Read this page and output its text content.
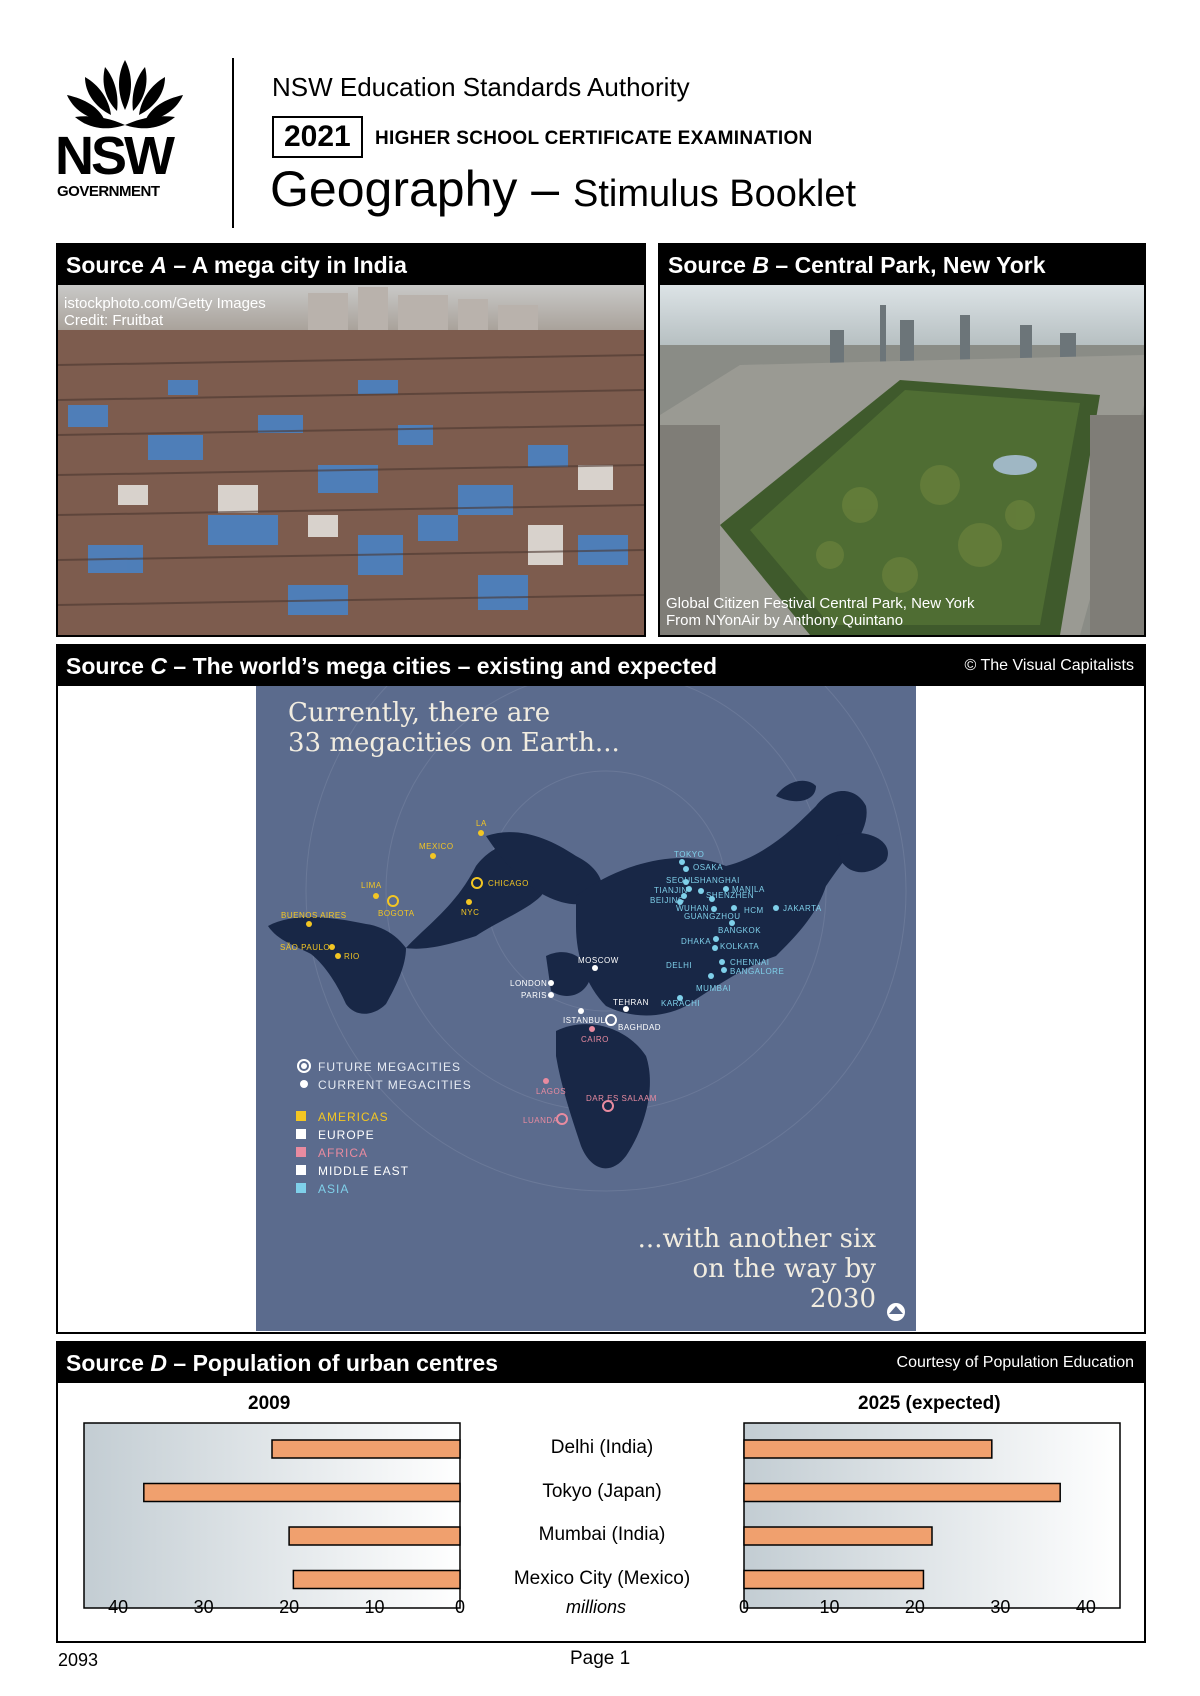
NSW
GOVERNMENT
NSW Education Standards Authority
2021	HIGHER SCHOOL CERTIFICATE EXAMINATION
Geography – Stimulus Booklet
Source A – A mega city in India
istockphoto.com/Getty Images
Credit: Fruitbat
Source B – Central Park, New York
Global Citizen Festival Central Park, New York
From NYonAir by Anthony Quintano
Source C – The world’s mega cities – existing and expected	© The Visual Capitalists
Currently, there are
33 megacities on Earth...
...with another six
on the way by 2030
FUTURE MEGACITIES
CURRENT MEGACITIES
AMERICAS
EUROPE
AFRICA
MIDDLE EAST
ASIA
LA
MEXICO
CHICAGO
LIMA
BOGOTA	NYC
BUENOS AIRES
SÃO PAULO
RIO	MOSCOW
LONDON
PARIS
ISTANBUL
TEHRAN
BAGHDAD
CAIRO
LAGOS
DAR ES SALAAM
LUANDA
TOKYO
OSAKA
SEOUL
SHANGHAI
TIANJIN
BEIJING
MANILA
SHENZHEN
WUHAN
GUANGZHOU
HCM JAKARTA
BANGKOK
DHAKA
KOLKATA
DELHI	CHENNAI
BANGALORE
MUMBAI
KARACHI
Source D – Population of urban centres	Courtesy of Population Education
2009	2025 (expected)
Delhi (India)
Tokyo (Japan)
Mumbai (India)
Mexico City (Mexico)
0	0
10	10
20	20
30	30
40	40
millions
2093	Page 1
